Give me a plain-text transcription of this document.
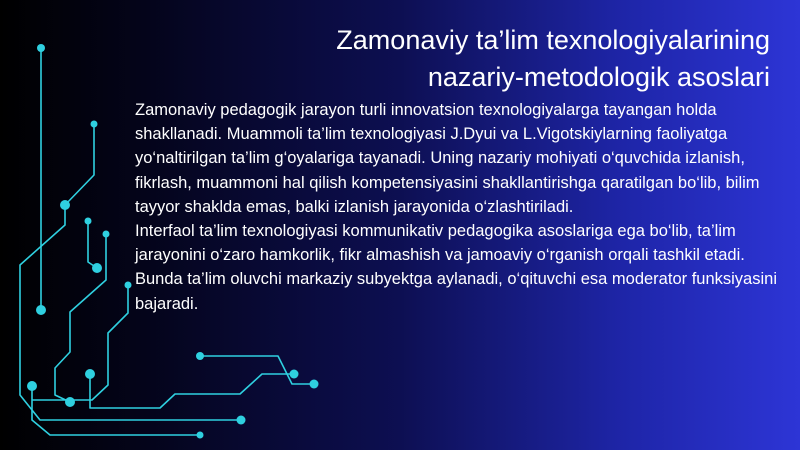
Zamonaviy ta’lim texnologiyalarining
nazariy-metodologik asoslari

Zamonaviy pedagogik jarayon turli innovatsion texnologiyalarga tayangan holda shakllanadi. Muammoli ta’lim texnologiyasi J.Dyui va L.Vigotskiylarning faoliyatga yo‘naltirilgan ta’lim g‘oyalariga tayanadi. Uning nazariy mohiyati o‘quvchida izlanish, fikrlash, muammoni hal qilish kompetensiyasini shakllantirishga qaratilgan bo‘lib, bilim tayyor shaklda emas, balki izlanish jarayonida o‘zlashtiriladi.

Interfaol ta’lim texnologiyasi kommunikativ pedagogika asoslariga ega bo‘lib, ta’lim jarayonini o‘zaro hamkorlik, fikr almashish va jamoaviy o‘rganish orqali tashkil etadi. Bunda ta’lim oluvchi markaziy subyektga aylanadi, o‘qituvchi esa moderator funksiyasini bajaradi.
